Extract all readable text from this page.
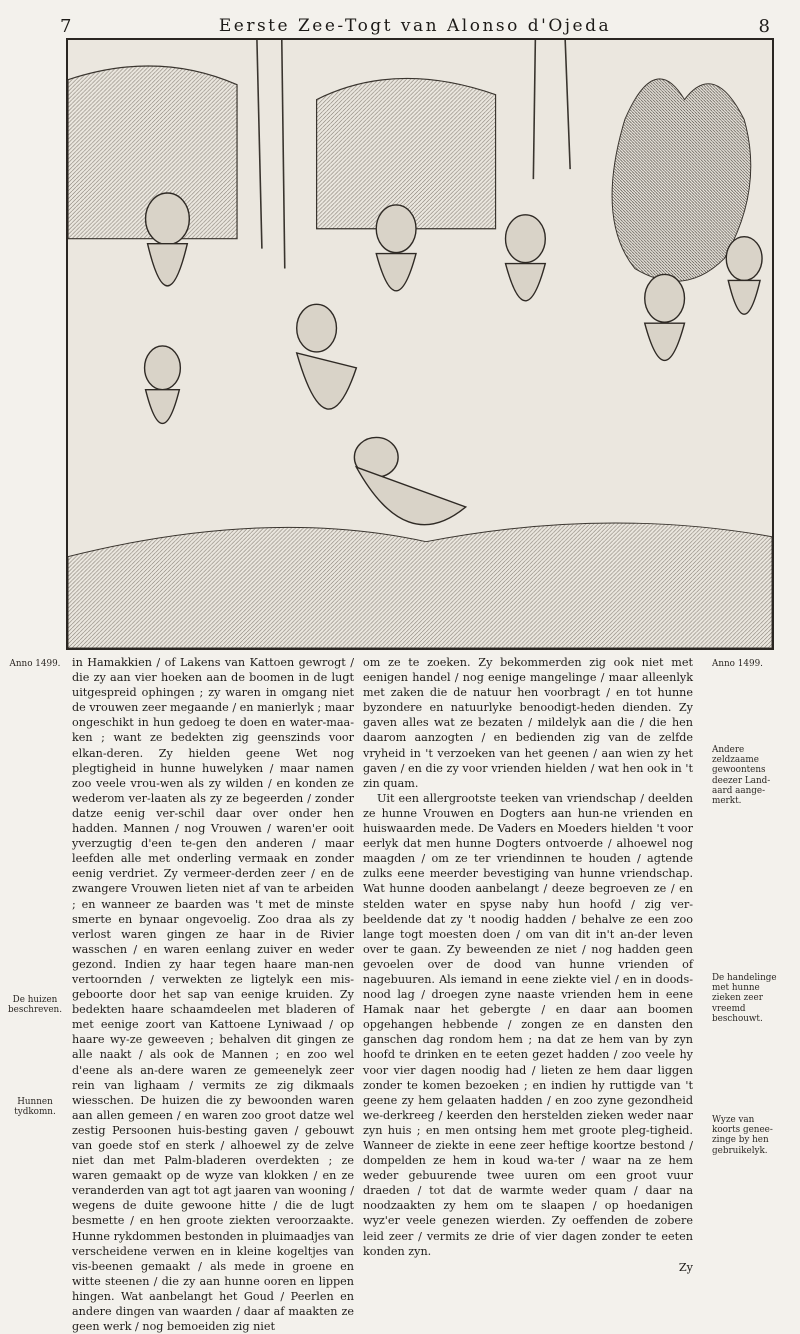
7	Eerste Zee-Togt van Alonso d'Ojeda	8
Anno 1499.
De huizen beschreven.
Hunnen tydkomn.

in Hamakkien / of Lakens van Kattoen gewrogt / die zy aan vier hoeken aan de boomen in de lugt uitgespreid ophingen ; zy waren in omgang niet de vrouwen zeer megaande / en manierlyk ; maar ongeschikt in hun gedoeg te doen en water-maa-ken ; want ze bedekten zig geenszinds voor elkan-deren. Zy hielden geene Wet nog plegtigheid in hunne huwelyken / maar namen zoo veele vrou-wen als zy wilden / en konden ze wederom ver-laaten als zy ze begeerden / zonder datze eenig ver-schil daar over onder hen hadden. Mannen / nog Vrouwen / waren'er ooit yverzugtig d'een te-gen den anderen / maar leefden alle met onderling vermaak en zonder eenig verdriet. Zy vermeer-derden zeer / en de zwangere Vrouwen lieten niet af van te arbeiden ; en wanneer ze baarden was 't met de minste smerte en bynaar ongevoelig. Zoo draa als zy verlost waren gingen ze haar in de Rivier wasschen / en waren eenlang zuiver en weder gezond. Indien zy haar tegen haare man-nen vertoornden / verwekten ze ligtelyk een mis-geboorte door het sap van eenige kruiden. Zy bedekten haare schaamdeelen met bladeren of met eenige zoort van Kattoene Lyniwaad / op haare wy-ze geweeven ; behalven dit gingen ze alle naakt / als ook de Mannen ; en zoo wel d'eene als an-dere waren ze gemeenelyk zeer rein van lighaam / vermits ze zig dikmaals wiesschen. De huizen die zy bewoonden waren aan allen gemeen / en waren zoo groot datze wel zestig Persoonen huis-besting gaven / gebouwt van goede stof en sterk / alhoewel zy de zelve niet dan met Palm-bladeren overdekten ; ze waren gemaakt op de wyze van klokken / en ze veranderden van agt tot agt jaaren van wooning / wegens de duite gewoone hitte / die de lugt besmette / en hen groote ziekten veroorzaakte. Hunne rykdommen bestonden in pluimaadjes van verscheidene verwen en in kleine kogeltjes van vis-beenen gemaakt / als mede in groene en witte steenen / die zy aan hunne ooren en lippen hingen. Wat aanbelangt het Goud / Peerlen en andere dingen van waarden / daar af maakten ze geen werk / nog bemoeiden zig niet

om ze te zoeken. Zy bekommerden zig ook niet met eenigen handel / nog eenige mangelinge / maar alleenlyk met zaken die de natuur hen voorbragt / en tot hunne byzondere en natuurlyke benoodigt-heden dienden. Zy gaven alles wat ze bezaten / mildelyk aan die / die hen daarom aanzogten / en bedienden zig van de zelfde vryheid in 't verzoeken van het geenen / aan wien zy het gaven / en die zy voor vrienden hielden / wat hen ook in 't zin quam.

Uit een allergrootste teeken van vriendschap / deelden ze hunne Vrouwen en Dogters aan hun-ne vrienden en huiswaarden mede. De Vaders en Moeders hielden 't voor eerlyk dat men hunne Dogters ontvoerde / alhoewel nog maagden / om ze ter vriendinnen te houden / agtende zulks eene meerder bevestiging van hunne vriendschap. Wat hunne dooden aanbelangt / deeze begroeven ze / en stelden water en spyse naby hun hoofd / zig ver-beeldende dat zy 't noodig hadden / behalve ze een zoo lange togt moesten doen / om van dit in't an-der leven over te gaan. Zy beweenden ze niet / nog hadden geen gevoelen over de dood van hunne vrienden of nagebuuren. Als iemand in eene ziekte viel / en in doods-nood lag / droegen zyne naaste vrienden hem in eene Hamak naar het gebergte / en daar aan boomen opgehangen hebbende / zongen ze en dansten den ganschen dag rondom hem ; na dat ze hem van by zyn hoofd te drinken en te eeten gezet hadden / zoo veele hy voor vier dagen noodig had / lieten ze hem daar liggen zonder te komen bezoeken ; en indien hy ruttigde van 't geene zy hem gelaaten hadden / en zoo zyne gezondheid we-derkreeg / keerden den herstelden zieken weder naar zyn huis ; en men ontsing hem met groote pleg-tigheid. Wanneer de ziekte in eene zeer heftige koortze bestond / dompelden ze hem in koud wa-ter / waar na ze hem weder gebuurende twee uuren om een groot vuur draeden / tot dat de warmte weder quam / daar na noodzaakten zy hem om te slaapen / op hoedanigen wyz'er veele genezen wierden. Zy oeffenden de zobere leid zeer / vermits ze drie of vier dagen zonder te eeten konden zyn.

Zy
Anno 1499.
Andere zeldzaame gewoontens deezer Land-aard aange-merkt.
De handelinge met hunne zieken zeer vreemd beschouwt.
Wyze van koorts genee-zinge by hen gebruikelyk.
